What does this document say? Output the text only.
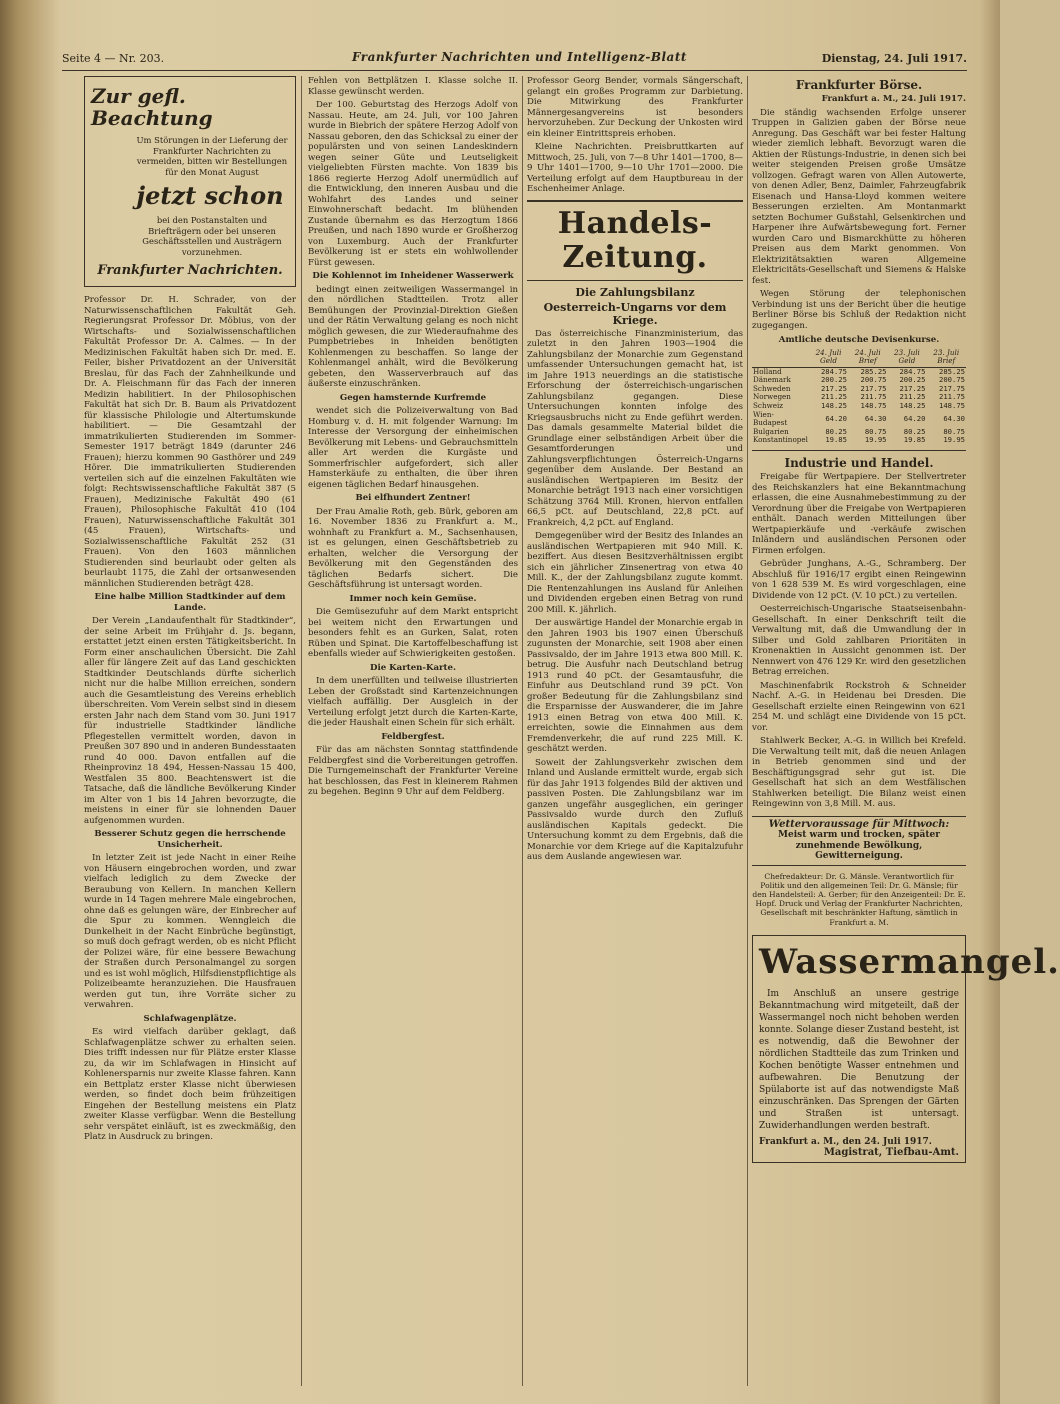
Seite 4 — Nr. 203.	Frankfurter Nachrichten und Intelligenz-Blatt	Dienstag, 24. Juli 1917.
Zur gefl. Beachtung
Um Störungen in der Lieferung der Frankfurter Nachrichten zu vermeiden, bitten wir Bestellungen für den Monat August
jetzt schon
bei den Postanstalten und Briefträgern oder bei unseren Geschäftsstellen und Austrägern vorzunehmen.
Frankfurter Nachrichten.

Professor Dr. H. Schrader, von der Naturwissenschaftlichen Fakultät Geh. Regierungsrat Professor Dr. Möbius, von der Wirtschafts- und Sozialwissenschaftlichen Fakultät Professor Dr. A. Calmes. — In der Medizinischen Fakultät haben sich Dr. med. E. Feiler, bisher Privatdozent an der Universität Breslau, für das Fach der Zahnheilkunde und Dr. A. Fleischmann für das Fach der inneren Medizin habilitiert. In der Philosophischen Fakultät hat sich Dr. B. Baum als Privatdozent für klassische Philologie und Altertumskunde habilitiert. — Die Gesamtzahl der immatrikulierten Studierenden im Sommer-Semester 1917 beträgt 1849 (darunter 246 Frauen); hierzu kommen 90 Gasthörer und 249 Hörer. Die immatrikulierten Studierenden verteilen sich auf die einzelnen Fakultäten wie folgt: Rechtswissenschaftliche Fakultät 387 (5 Frauen), Medizinische Fakultät 490 (61 Frauen), Philosophische Fakultät 410 (104 Frauen), Naturwissenschaftliche Fakultät 301 (45 Frauen), Wirtschafts- und Sozialwissenschaftliche Fakultät 252 (31 Frauen). Von den 1603 männlichen Studierenden sind beurlaubt oder gelten als beurlaubt 1175, die Zahl der ortsanwesenden männlichen Studierenden beträgt 428.

Eine halbe Million Stadtkinder auf dem Lande.

Der Verein „Landaufenthalt für Stadtkinder“, der seine Arbeit im Frühjahr d. Js. begann, erstattet jetzt einen ersten Tätigkeitsbericht. In Form einer anschaulichen Übersicht. Die Zahl aller für längere Zeit auf das Land geschickten Stadtkinder Deutschlands dürfte sicherlich nicht nur die halbe Million erreichen, sondern auch die Gesamtleistung des Vereins erheblich überschreiten. Vom Verein selbst sind in diesem ersten Jahr nach dem Stand vom 30. Juni 1917 für industrielle Stadtkinder ländliche Pflegestellen vermittelt worden, davon in Preußen 307 890 und in anderen Bundesstaaten rund 40 000. Davon entfallen auf die Rheinprovinz 18 494, Hessen-Nassau 15 400, Westfalen 35 800. Beachtenswert ist die Tatsache, daß die ländliche Bevölkerung Kinder im Alter von 1 bis 14 Jahren bevorzugte, die meistens in einer für sie lohnenden Dauer aufgenommen wurden.

Besserer Schutz gegen die herrschende Unsicherheit.

In letzter Zeit ist jede Nacht in einer Reihe von Häusern eingebrochen worden, und zwar vielfach lediglich zu dem Zwecke der Beraubung von Kellern. In manchen Kellern wurde in 14 Tagen mehrere Male eingebrochen, ohne daß es gelungen wäre, der Einbrecher auf die Spur zu kommen. Wenngleich die Dunkelheit in der Nacht Einbrüche begünstigt, so muß doch gefragt werden, ob es nicht Pflicht der Polizei wäre, für eine bessere Bewachung der Straßen durch Personalmangel zu sorgen und es ist wohl möglich, Hilfsdienstpflichtige als Polizeibeamte heranzuziehen. Die Hausfrauen werden gut tun, ihre Vorräte sicher zu verwahren.

Schlafwagenplätze.

Es wird vielfach darüber geklagt, daß Schlafwagenplätze schwer zu erhalten seien. Dies trifft indessen nur für Plätze erster Klasse zu, da wir im Schlafwagen in Hinsicht auf Kohlenersparnis nur zweite Klasse fahren. Kann ein Bettplatz erster Klasse nicht überwiesen werden, so findet doch beim frühzeitigen Eingehen der Bestellung meistens ein Platz zweiter Klasse verfügbar. Wenn die Bestellung sehr verspätet einläuft, ist es zweckmäßig, den Platz in Ausdruck zu bringen.

Fehlen von Bettplätzen I. Klasse solche II. Klasse gewünscht werden.

Der 100. Geburtstag des Herzogs Adolf von Nassau. Heute, am 24. Juli, vor 100 Jahren wurde in Biebrich der spätere Herzog Adolf von Nassau geboren, den das Schicksal zu einer der populärsten und von seinen Landeskindern wegen seiner Güte und Leutseligkeit vielgeliebten Fürsten machte. Von 1839 bis 1866 regierte Herzog Adolf unermüdlich auf die Entwicklung, den inneren Ausbau und die Wohlfahrt des Landes und seiner Einwohnerschaft bedacht. Im blühenden Zustande übernahm es das Herzogtum 1866 Preußen, und nach 1890 wurde er Großherzog von Luxemburg. Auch der Frankfurter Bevölkerung ist er stets ein wohlwollender Fürst gewesen.

Die Kohlennot im Inheidener Wasserwerk

bedingt einen zeitweiligen Wassermangel in den nördlichen Stadtteilen. Trotz aller Bemühungen der Provinzial-Direktion Gießen und der Rätin Verwaltung gelang es noch nicht möglich gewesen, die zur Wiederaufnahme des Pumpbetriebes in Inheiden benötigten Kohlenmengen zu beschaffen. So lange der Kohlenmangel anhält, wird die Bevölkerung gebeten, den Wasserverbrauch auf das äußerste einzuschränken.

Gegen hamsternde Kurfremde

wendet sich die Polizeiverwaltung von Bad Homburg v. d. H. mit folgender Warnung: Im Interesse der Versorgung der einheimischen Bevölkerung mit Lebens- und Gebrauchsmitteln aller Art werden die Kurgäste und Sommerfrischler aufgefordert, sich aller Hamsterkäufe zu enthalten, die über ihren eigenen täglichen Bedarf hinausgehen.

Bei elfhundert Zentner!

Der Frau Amalie Roth, geb. Bürk, geboren am 16. November 1836 zu Frankfurt a. M., wohnhaft zu Frankfurt a. M., Sachsenhausen, ist es gelungen, einen Geschäftsbetrieb zu erhalten, welcher die Versorgung der Bevölkerung mit den Gegenständen des täglichen Bedarfs sichert. Die Geschäftsführung ist untersagt worden.

Immer noch kein Gemüse.

Die Gemüsezufuhr auf dem Markt entspricht bei weitem nicht den Erwartungen und besonders fehlt es an Gurken, Salat, roten Rüben und Spinat. Die Kartoffelbeschaffung ist ebenfalls wieder auf Schwierigkeiten gestoßen.

Die Karten-Karte.

In dem unerfüllten und teilweise illustrierten Leben der Großstadt sind Kartenzeichnungen vielfach auffällig. Der Ausgleich in der Verteilung erfolgt jetzt durch die Karten-Karte, die jeder Haushalt einen Schein für sich erhält.

Feldbergfest.

Für das am nächsten Sonntag stattfindende Feldbergfest sind die Vorbereitungen getroffen. Die Turngemeinschaft der Frankfurter Vereine hat beschlossen, das Fest in kleinerem Rahmen zu begehen. Beginn 9 Uhr auf dem Feldberg.

Professor Georg Bender, vormals Sängerschaft, gelangt ein großes Programm zur Darbietung. Die Mitwirkung des Frankfurter Männergesangvereins ist besonders hervorzuheben. Zur Deckung der Unkosten wird ein kleiner Eintrittspreis erhoben.

Kleine Nachrichten. Preisbruttkarten auf Mittwoch, 25. Juli, von 7—8 Uhr 1401—1700, 8—9 Uhr 1401—1700, 9—10 Uhr 1701—2000. Die Verteilung erfolgt auf dem Hauptbureau in der Eschenheimer Anlage.

Handels-Zeitung.
Die Zahlungsbilanz
Oesterreich-Ungarns vor dem Kriege.

Das österreichische Finanzministerium, das zuletzt in den Jahren 1903—1904 die Zahlungsbilanz der Monarchie zum Gegenstand umfassender Untersuchungen gemacht hat, ist im Jahre 1913 neuerdings an die statistische Erforschung der österreichisch-ungarischen Zahlungsbilanz gegangen. Diese Untersuchungen konnten infolge des Kriegsausbruchs nicht zu Ende geführt werden. Das damals gesammelte Material bildet die Grundlage einer selbständigen Arbeit über die Gesamtforderungen und Zahlungsverpflichtungen Österreich-Ungarns gegenüber dem Auslande. Der Bestand an ausländischen Wertpapieren im Besitz der Monarchie beträgt 1913 nach einer vorsichtigen Schätzung 3764 Mill. Kronen, hiervon entfallen 66,5 pCt. auf Deutschland, 22,8 pCt. auf Frankreich, 4,2 pCt. auf England.

Demgegenüber wird der Besitz des Inlandes an ausländischen Wertpapieren mit 940 Mill. K. beziffert. Aus diesen Besitzverhältnissen ergibt sich ein jährlicher Zinsenertrag von etwa 40 Mill. K., der der Zahlungsbilanz zugute kommt. Die Rentenzahlungen ins Ausland für Anleihen und Dividenden ergeben einen Betrag von rund 200 Mill. K. jährlich.

Der auswärtige Handel der Monarchie ergab in den Jahren 1903 bis 1907 einen Überschuß zugunsten der Monarchie, seit 1908 aber einen Passivsaldo, der im Jahre 1913 etwa 800 Mill. K. betrug. Die Ausfuhr nach Deutschland betrug 1913 rund 40 pCt. der Gesamtausfuhr, die Einfuhr aus Deutschland rund 39 pCt. Von großer Bedeutung für die Zahlungsbilanz sind die Ersparnisse der Auswanderer, die im Jahre 1913 einen Betrag von etwa 400 Mill. K. erreichten, sowie die Einnahmen aus dem Fremdenverkehr, die auf rund 225 Mill. K. geschätzt werden.

Soweit der Zahlungsverkehr zwischen dem Inland und Auslande ermittelt wurde, ergab sich für das Jahr 1913 folgendes Bild der aktiven und passiven Posten. Die Zahlungsbilanz war im ganzen ungefähr ausgeglichen, ein geringer Passivsaldo wurde durch den Zufluß ausländischen Kapitals gedeckt. Die Untersuchung kommt zu dem Ergebnis, daß die Monarchie vor dem Kriege auf die Kapitalzufuhr aus dem Auslande angewiesen war.

Frankfurter Börse.
Frankfurt a. M., 24. Juli 1917.

Die ständig wachsenden Erfolge unserer Truppen in Galizien gaben der Börse neue Anregung. Das Geschäft war bei fester Haltung wieder ziemlich lebhaft. Bevorzugt waren die Aktien der Rüstungs-Industrie, in denen sich bei weiter steigenden Preisen große Umsätze vollzogen. Gefragt waren von Allen Autowerte, von denen Adler, Benz, Daimler, Fahrzeugfabrik Eisenach und Hansa-Lloyd kommen weitere Besserungen erzielten. Am Montanmarkt setzten Bochumer Gußstahl, Gelsenkirchen und Harpener ihre Aufwärtsbewegung fort. Ferner wurden Caro und Bismarckhütte zu höheren Preisen aus dem Markt genommen. Von Elektrizitätsaktien waren Allgemeine Elektricitäts-Gesellschaft und Siemens & Halske fest.

Wegen Störung der telephonischen Verbindung ist uns der Bericht über die heutige Berliner Börse bis Schluß der Redaktion nicht zugegangen.

Amtliche deutsche Devisenkurse.
	24. Juli Geld	24. Juli Brief	23. Juli Geld	23. Juli Brief
Holland	284.75	285.25	284.75	285.25
Dänemark	200.25	200.75	200.25	200.75
Schweden	217.25	217.75	217.25	217.75
Norwegen	211.25	211.75	211.25	211.75
Schweiz	148.25	148.75	148.25	148.75
Wien-Budapest	64.20	64.30	64.20	64.30
Bulgarien	80.25	80.75	80.25	80.75
Konstantinopel	19.85	19.95	19.85	19.95
Industrie und Handel.

Freigabe für Wertpapiere. Der Stellvertreter des Reichskanzlers hat eine Bekanntmachung erlassen, die eine Ausnahmebestimmung zu der Verordnung über die Freigabe von Wertpapieren enthält. Danach werden Mitteilungen über Wertpapierkäufe und -verkäufe zwischen Inländern und ausländischen Personen oder Firmen erfolgen.

Gebrüder Junghans, A.-G., Schramberg. Der Abschluß für 1916/17 ergibt einen Reingewinn von 1 628 539 M. Es wird vorgeschlagen, eine Dividende von 12 pCt. (V. 10 pCt.) zu verteilen.

Oesterreichisch-Ungarische Staatseisenbahn-Gesellschaft. In einer Denkschrift teilt die Verwaltung mit, daß die Umwandlung der in Silber und Gold zahlbaren Prioritäten in Kronenaktien in Aussicht genommen ist. Der Nennwert von 476 129 Kr. wird den gesetzlichen Betrag erreichen.

Maschinenfabrik Rockstroh & Schneider Nachf. A.-G. in Heidenau bei Dresden. Die Gesellschaft erzielte einen Reingewinn von 621 254 M. und schlägt eine Dividende von 15 pCt. vor.

Stahlwerk Becker, A.-G. in Willich bei Krefeld. Die Verwaltung teilt mit, daß die neuen Anlagen in Betrieb genommen sind und der Beschäftigungsgrad sehr gut ist. Die Gesellschaft hat sich an dem Westfälischen Stahlwerken beteiligt. Die Bilanz weist einen Reingewinn von 3,8 Mill. M. aus.

Wettervoraussage für Mittwoch:
Meist warm und trocken, später zunehmende Bewölkung, Gewitterneigung.
Chefredakteur: Dr. G. Mänsle. Verantwortlich für Politik und den allgemeinen Teil: Dr. G. Mänsle; für den Handelsteil: A. Gerber; für den Anzeigenteil: Dr. E. Hopf. Druck und Verlag der Frankfurter Nachrichten, Gesellschaft mit beschränkter Haftung, sämtlich in Frankfurt a. M.
Wassermangel.
Im Anschluß an unsere gestrige Bekanntmachung wird mitgeteilt, daß der Wassermangel noch nicht behoben werden konnte. Solange dieser Zustand besteht, ist es notwendig, daß die Bewohner der nördlichen Stadtteile das zum Trinken und Kochen benötigte Wasser entnehmen und aufbewahren. Die Benutzung der Spülaborte ist auf das notwendigste Maß einzuschränken. Das Sprengen der Gärten und Straßen ist untersagt. Zuwiderhandlungen werden bestraft.
Frankfurt a. M., den 24. Juli 1917.
Magistrat, Tiefbau-Amt.
